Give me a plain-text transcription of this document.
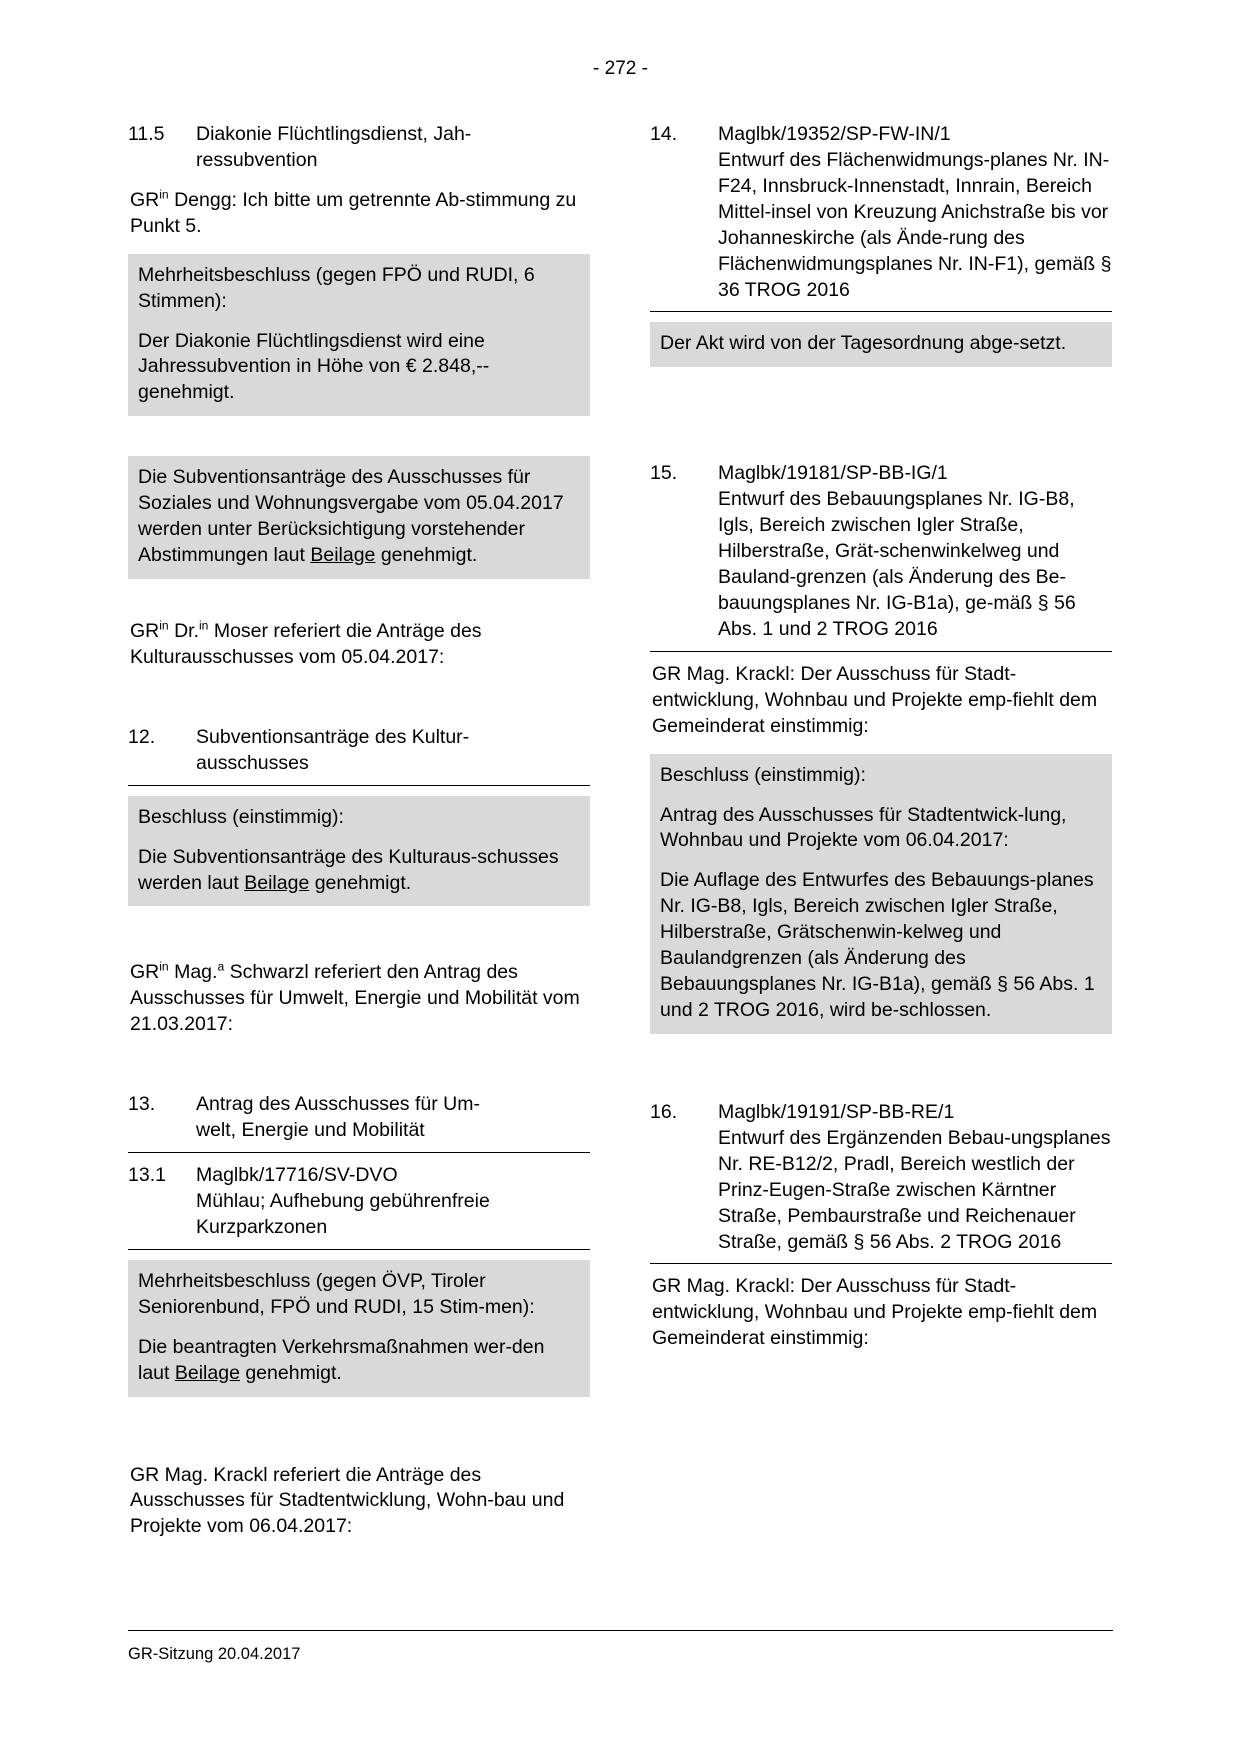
- 272 -
11.5	Diakonie Flüchtlingsdienst, Jah-
ressubvention
$GR^{in}$ Dengg: Ich bitte um getrennte Ab-stimmung zu Punkt 5.
Mehrheitsbeschluss (gegen FPÖ und RUDI, 6 Stimmen):
Der Diakonie Flüchtlingsdienst wird eine Jahressubvention in Höhe von € 2.848,-- genehmigt.
Die Subventionsanträge des Ausschusses für Soziales und Wohnungsvergabe vom 05.04.2017 werden unter Berücksichtigung vorstehender Abstimmungen laut Beilage genehmigt.
$GR^{in}$ Dr.$^{in}$ Moser referiert die Anträge des Kulturausschusses vom 05.04.2017:
12.	Subventionsanträge des Kultur-
ausschusses
Beschluss (einstimmig):
Die Subventionsanträge des Kulturaus-schusses werden laut Beilage genehmigt.
$GR^{in}$ Mag.$^a$ Schwarzl referiert den Antrag des Ausschusses für Umwelt, Energie und Mobilität vom 21.03.2017:
13.	Antrag des Ausschusses für Um-
welt, Energie und Mobilität
13.1	Maglbk/17716/SV-DVO
Mühlau; Aufhebung gebührenfreie
Kurzparkzonen
Mehrheitsbeschluss (gegen ÖVP, Tiroler Seniorenbund, FPÖ und RUDI, 15 Stim-men):
Die beantragten Verkehrsmaßnahmen wer-den laut Beilage genehmigt.
GR Mag. Krackl referiert die Anträge des Ausschusses für Stadtentwicklung, Wohn-bau und Projekte vom 06.04.2017:
14.	Maglbk/19352/SP-FW-IN/1
Entwurf des Flächenwidmungs-planes Nr. IN-F24, Innsbruck-Innenstadt, Innrain, Bereich Mittel-insel von Kreuzung Anichstraße bis vor Johanneskirche (als Ände-rung des Flächenwidmungsplanes Nr. IN-F1), gemäß § 36 TROG 2016
Der Akt wird von der Tagesordnung abge-setzt.
15.	Maglbk/19181/SP-BB-IG/1
Entwurf des Bebauungsplanes Nr. IG-B8, Igls, Bereich zwischen Igler Straße, Hilberstraße, Grät-schenwinkelweg und Bauland-grenzen (als Änderung des Be-bauungsplanes Nr. IG-B1a), ge-mäß § 56 Abs. 1 und 2 TROG 2016
GR Mag. Krackl: Der Ausschuss für Stadt-entwicklung, Wohnbau und Projekte emp-fiehlt dem Gemeinderat einstimmig:
Beschluss (einstimmig):
Antrag des Ausschusses für Stadtentwick-lung, Wohnbau und Projekte vom 06.04.2017:
Die Auflage des Entwurfes des Bebauungs-planes Nr. IG-B8, Igls, Bereich zwischen Igler Straße, Hilberstraße, Grätschenwin-kelweg und Baulandgrenzen (als Änderung des Bebauungsplanes Nr. IG-B1a), gemäß § 56 Abs. 1 und 2 TROG 2016, wird be-schlossen.
16.	Maglbk/19191/SP-BB-RE/1
Entwurf des Ergänzenden Bebau-ungsplanes Nr. RE-B12/2, Pradl, Bereich westlich der Prinz-Eugen-Straße zwischen Kärntner Straße, Pembaurstraße und Reichenauer Straße, gemäß § 56 Abs. 2 TROG 2016
GR Mag. Krackl: Der Ausschuss für Stadt-entwicklung, Wohnbau und Projekte emp-fiehlt dem Gemeinderat einstimmig:
GR-Sitzung 20.04.2017
